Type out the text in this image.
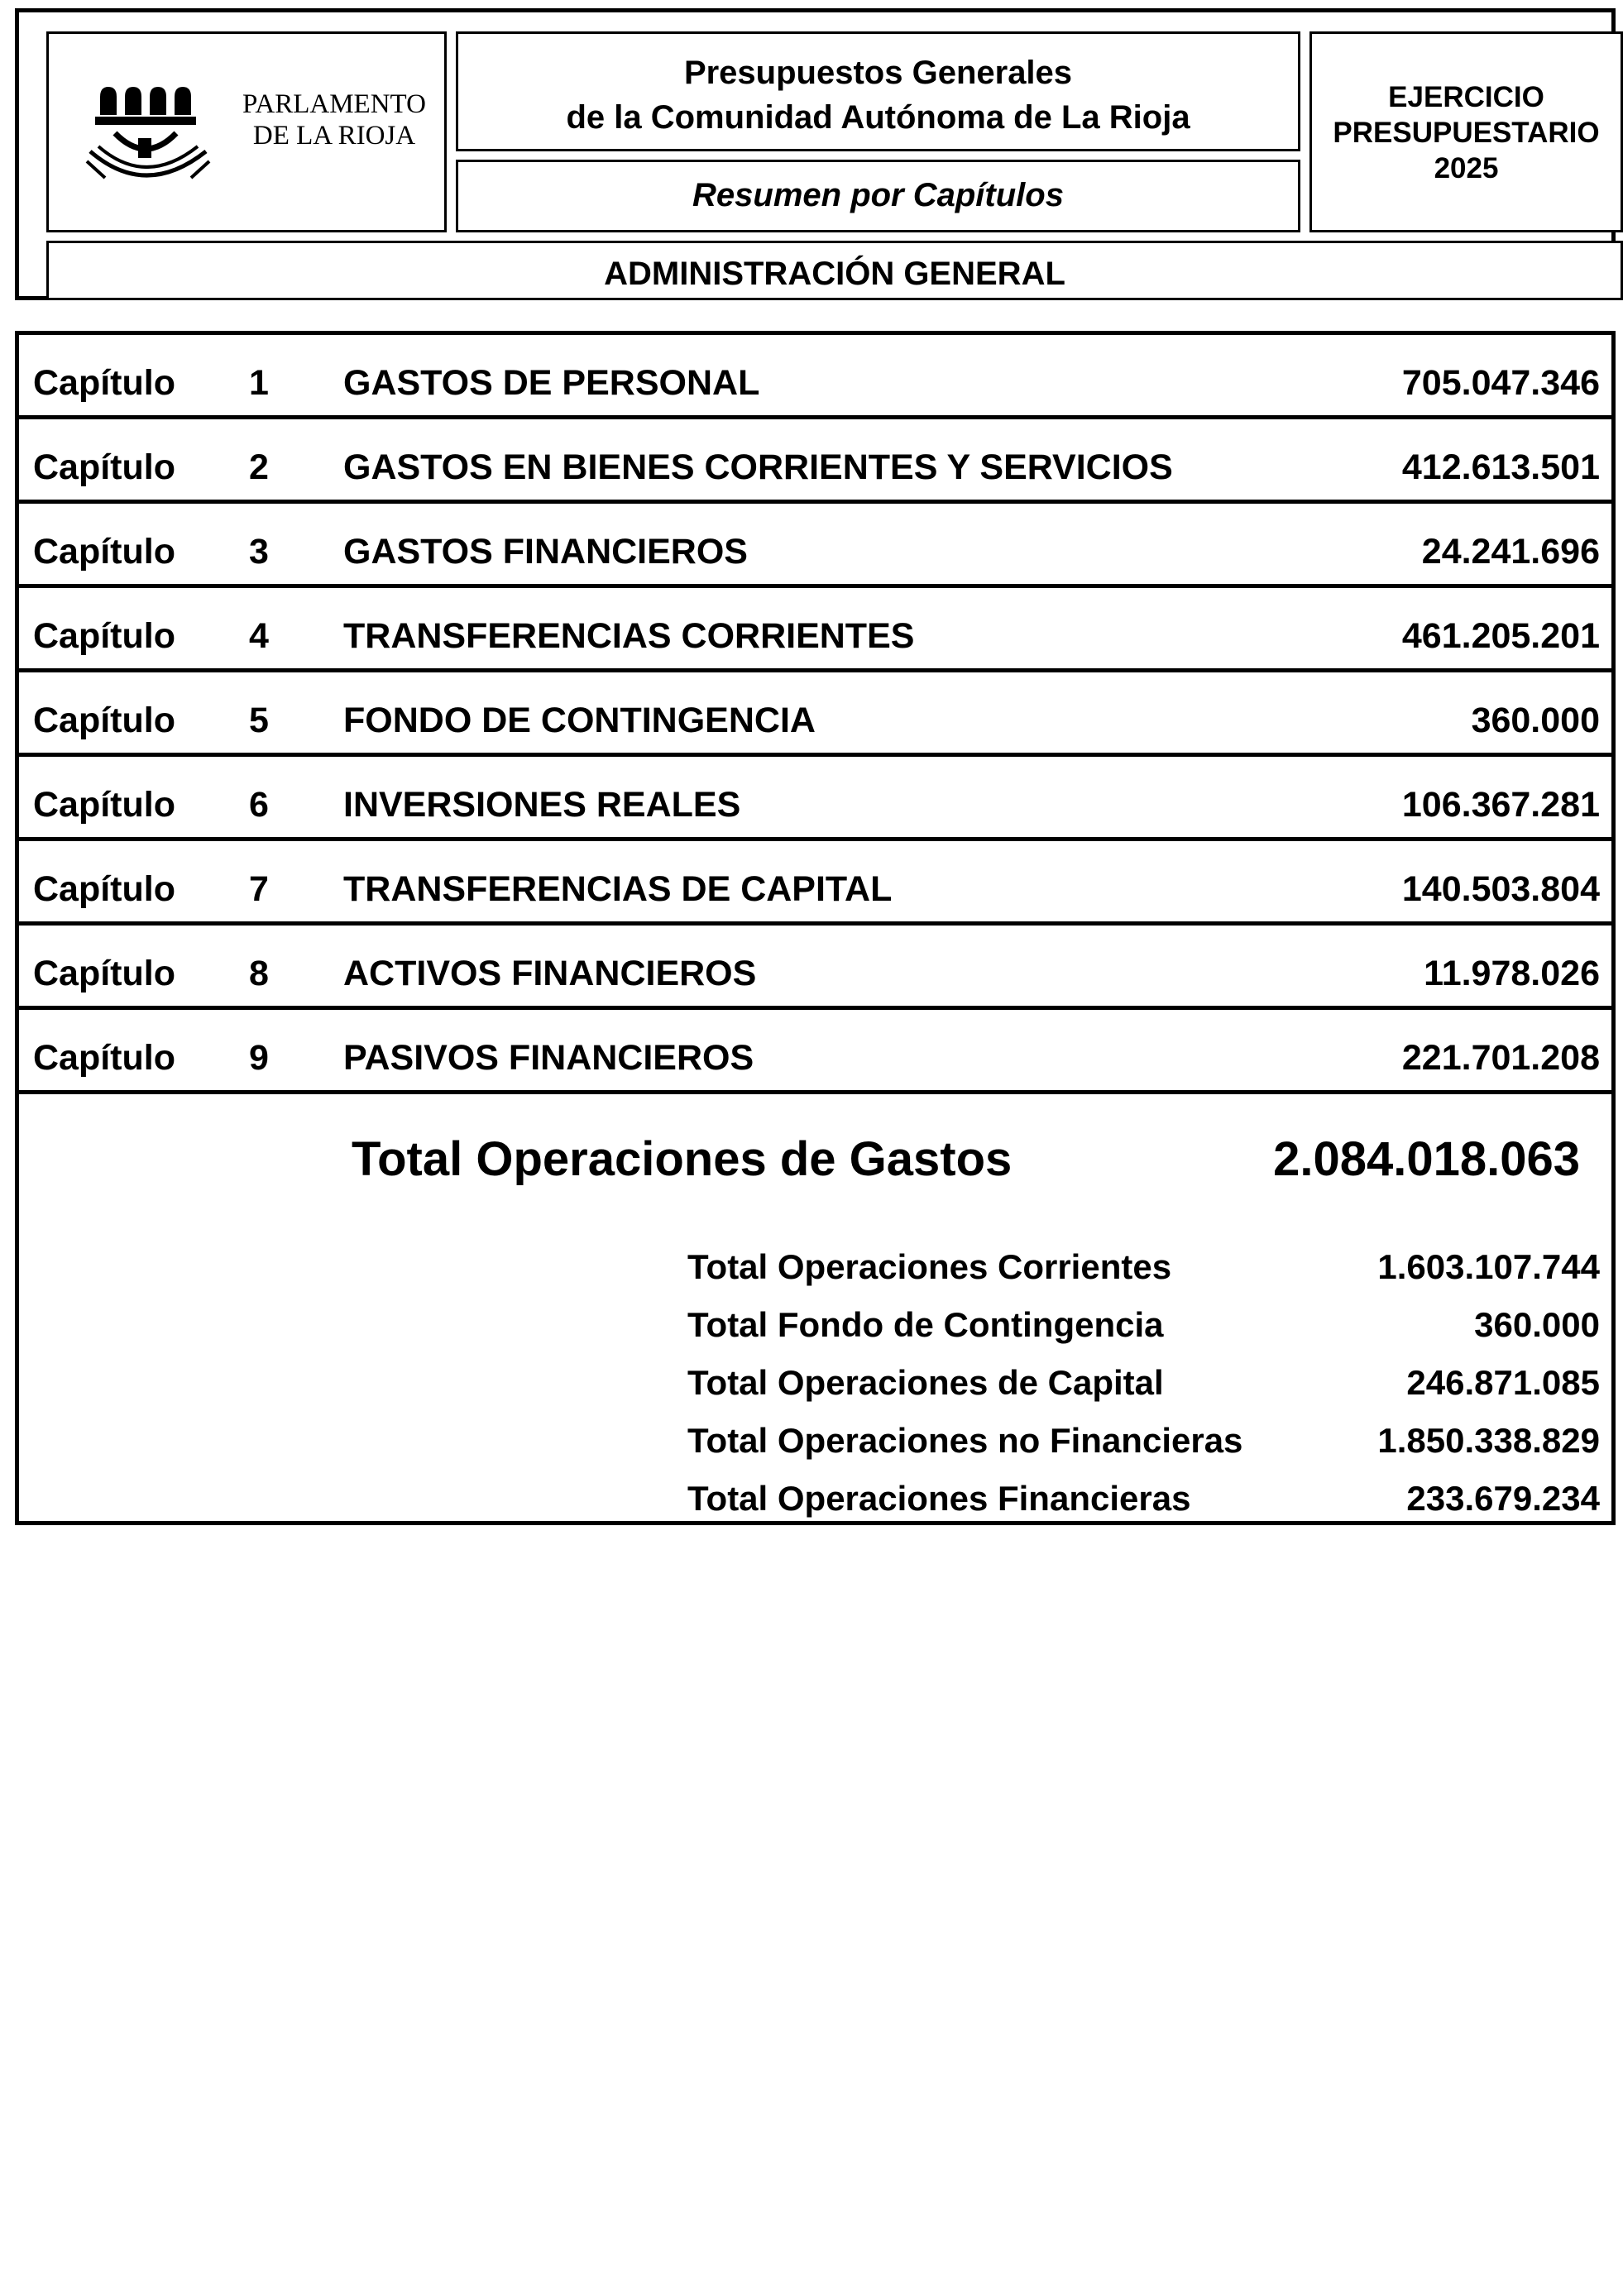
PARLAMENTO
DE LA RIOJA
Presupuestos Generales
de la Comunidad Autónoma de La Rioja
Resumen por Capítulos
EJERCICIO
PRESUPUESTARIO
2025
ADMINISTRACIÓN GENERAL
Capítulo 1 GASTOS DE PERSONAL	705.047.346
Capítulo 2 GASTOS EN BIENES CORRIENTES Y SERVICIOS	412.613.501
Capítulo 3 GASTOS FINANCIEROS	24.241.696
Capítulo 4 TRANSFERENCIAS CORRIENTES	461.205.201
Capítulo 5 FONDO DE CONTINGENCIA	360.000
Capítulo 6 INVERSIONES REALES	106.367.281
Capítulo 7 TRANSFERENCIAS DE CAPITAL	140.503.804
Capítulo 8 ACTIVOS FINANCIEROS	11.978.026
Capítulo 9 PASIVOS FINANCIEROS	221.701.208
Total Operaciones de Gastos	2.084.018.063
Total Operaciones Corrientes	1.603.107.744
Total Fondo de Contingencia	360.000
Total Operaciones de Capital	246.871.085
Total Operaciones no Financieras	1.850.338.829
Total Operaciones Financieras	233.679.234
